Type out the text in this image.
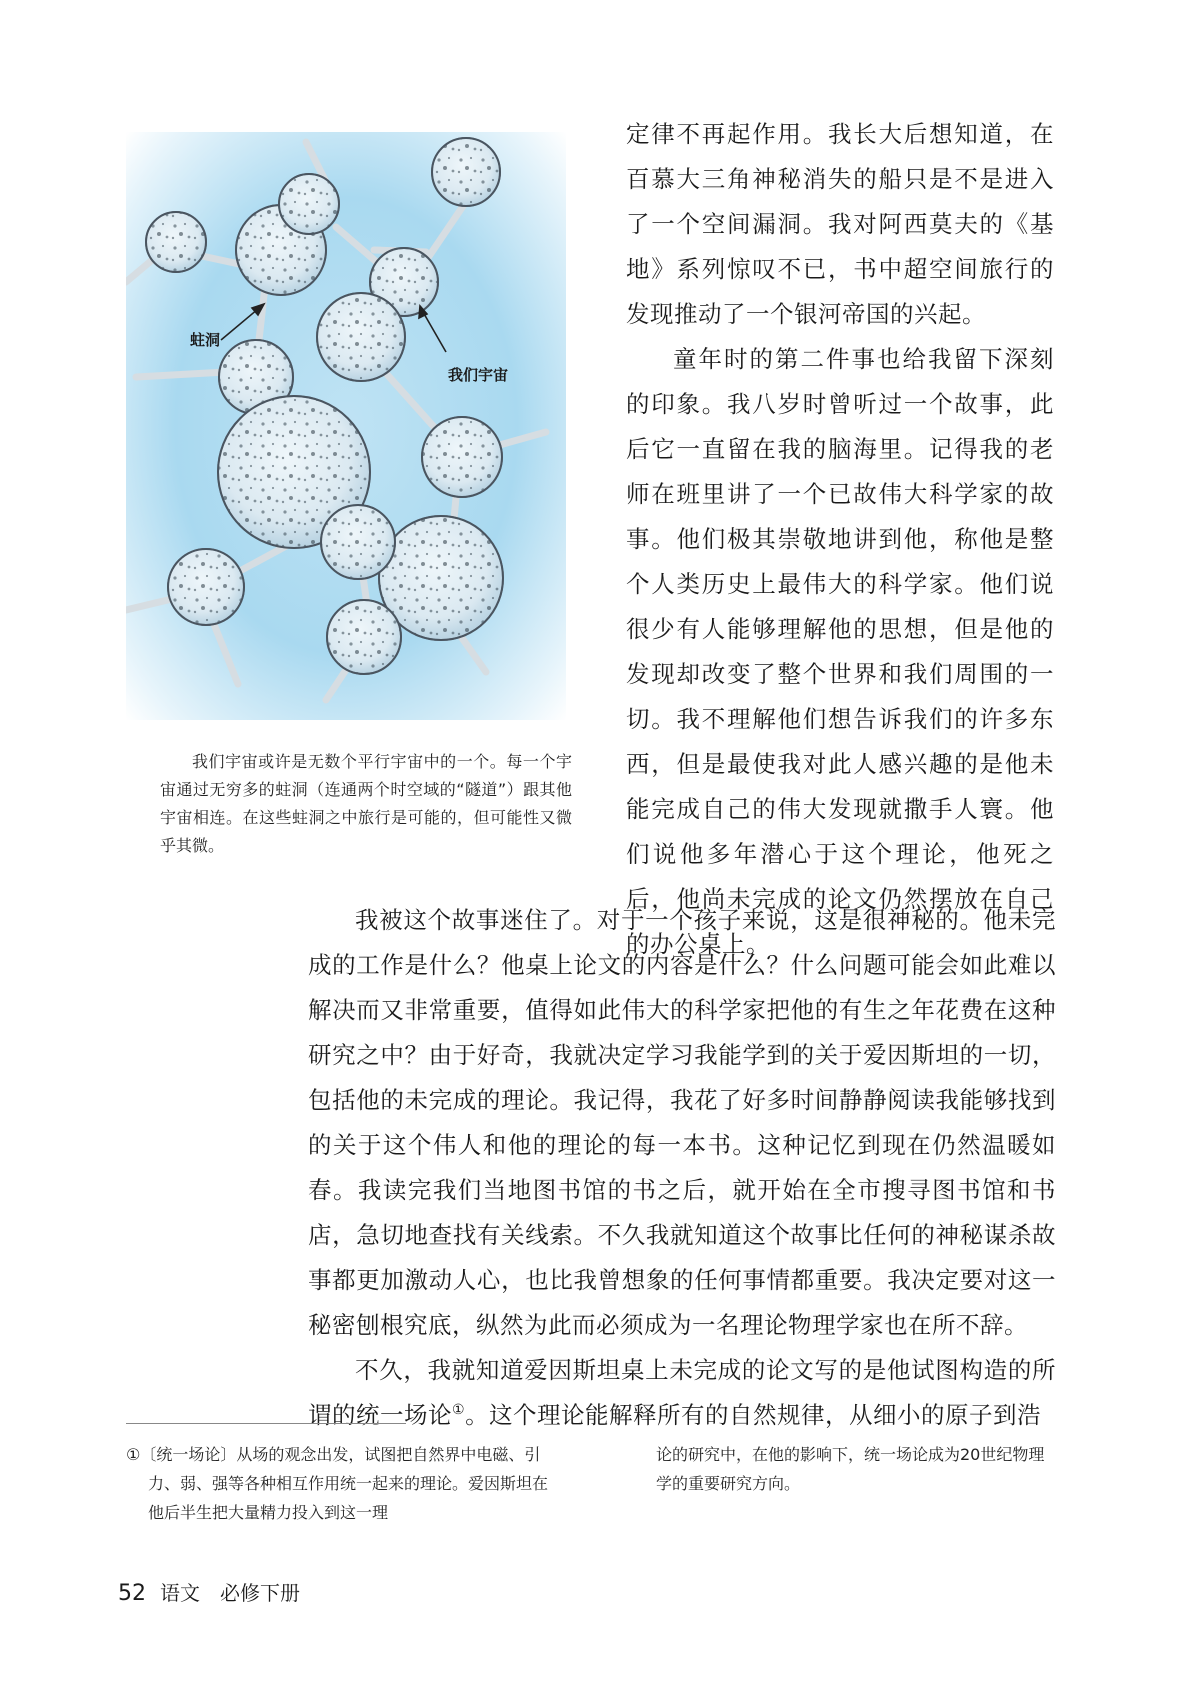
蛀洞
我们宇宙
我们宇宙或许是无数个平行宇宙中的一个。每一个宇宙通过无穷多的蛀洞（连通两个时空域的“隧道”）跟其他宇宙相连。在这些蛀洞之中旅行是可能的，但可能性又微乎其微。

定律不再起作用。我长大后想知道，在百慕大三角神秘消失的船只是不是进入了一个空间漏洞。我对阿西莫夫的《基地》系列惊叹不已，书中超空间旅行的发现推动了一个银河帝国的兴起。

童年时的第二件事也给我留下深刻的印象。我八岁时曾听过一个故事，此后它一直留在我的脑海里。记得我的老师在班里讲了一个已故伟大科学家的故事。他们极其崇敬地讲到他，称他是整个人类历史上最伟大的科学家。他们说很少有人能够理解他的思想，但是他的发现却改变了整个世界和我们周围的一切。我不理解他们想告诉我们的许多东西，但是最使我对此人感兴趣的是他未能完成自己的伟大发现就撒手人寰。他们说他多年潜心于这个理论，他死之后，他尚未完成的论文仍然摆放在自己的办公桌上。

我被这个故事迷住了。对于一个孩子来说，这是很神秘的。他未完成的工作是什么？他桌上论文的内容是什么？什么问题可能会如此难以解决而又非常重要，值得如此伟大的科学家把他的有生之年花费在这种研究之中？由于好奇，我就决定学习我能学到的关于爱因斯坦的一切，包括他的未完成的理论。我记得，我花了好多时间静静阅读我能够找到的关于这个伟人和他的理论的每一本书。这种记忆到现在仍然温暖如春。我读完我们当地图书馆的书之后，就开始在全市搜寻图书馆和书店，急切地查找有关线索。不久我就知道这个故事比任何的神秘谋杀故事都更加激动人心，也比我曾想象的任何事情都重要。我决定要对这一秘密刨根究底，纵然为此而必须成为一名理论物理学家也在所不辞。

不久，我就知道爱因斯坦桌上未完成的论文写的是他试图构造的所谓的统一场论①。这个理论能解释所有的自然规律，从细小的原子到浩

①〔统一场论〕从场的观念出发，试图把自然界中电磁、引力、弱、强等各种相互作用统一起来的理论。爱因斯坦在他后半生把大量精力投入到这一理
论的研究中，在他的影响下，统一场论成为20世纪物理学的重要研究方向。
52 语文　必修下册
